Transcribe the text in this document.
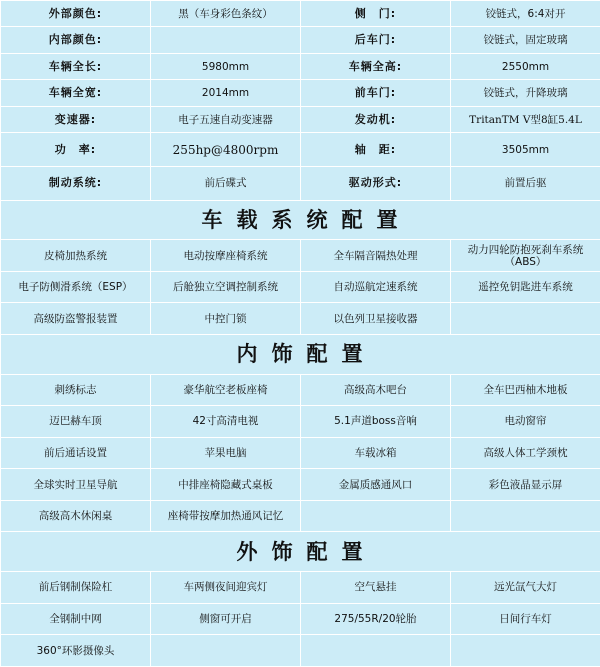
外部颜色:	黑（车身彩色条纹）	侧　门:	铰链式，6:4对开
内部颜色:		后车门:	铰链式，固定玻璃
车辆全长:	5980mm	车辆全高:	2550mm
车辆全宽:	2014mm	前车门:	铰链式，升降玻璃
变速器:	电子五速自动变速器	发动机:	TritanTM V型8缸5.4L
功　率:	255hp@4800rpm	轴　距:	3505mm
制动系统:	前后碟式	驱动形式:	前置后驱
车载系统配置			
皮椅加热系统	电动按摩座椅系统	全车隔音隔热处理	动力四轮防抱死刹车系统（ABS）
电子防侧滑系统（ESP）	后舱独立空调控制系统	自动巡航定速系统	遥控免钥匙进车系统
高级防盗警报装置	中控门锁	以色列卫星接收器	
内饰配置			
刺绣标志	豪华航空老板座椅	高级高木吧台	全车巴西柚木地板
迈巴赫车顶	42寸高清电视	5.1声道boss音响	电动窗帘
前后通话设置	苹果电脑	车载冰箱	高级人体工学颈枕
全球实时卫星导航	中排座椅隐藏式桌板	金属质感通风口	彩色液晶显示屏
高级高木休闲桌	座椅带按摩加热通风记忆		
外饰配置			
前后钢制保险杠	车两侧夜间迎宾灯	空气悬挂	远光氙气大灯
全钢制中网	侧窗可开启	275/55R/20轮胎	日间行车灯
360°环影摄像头			
